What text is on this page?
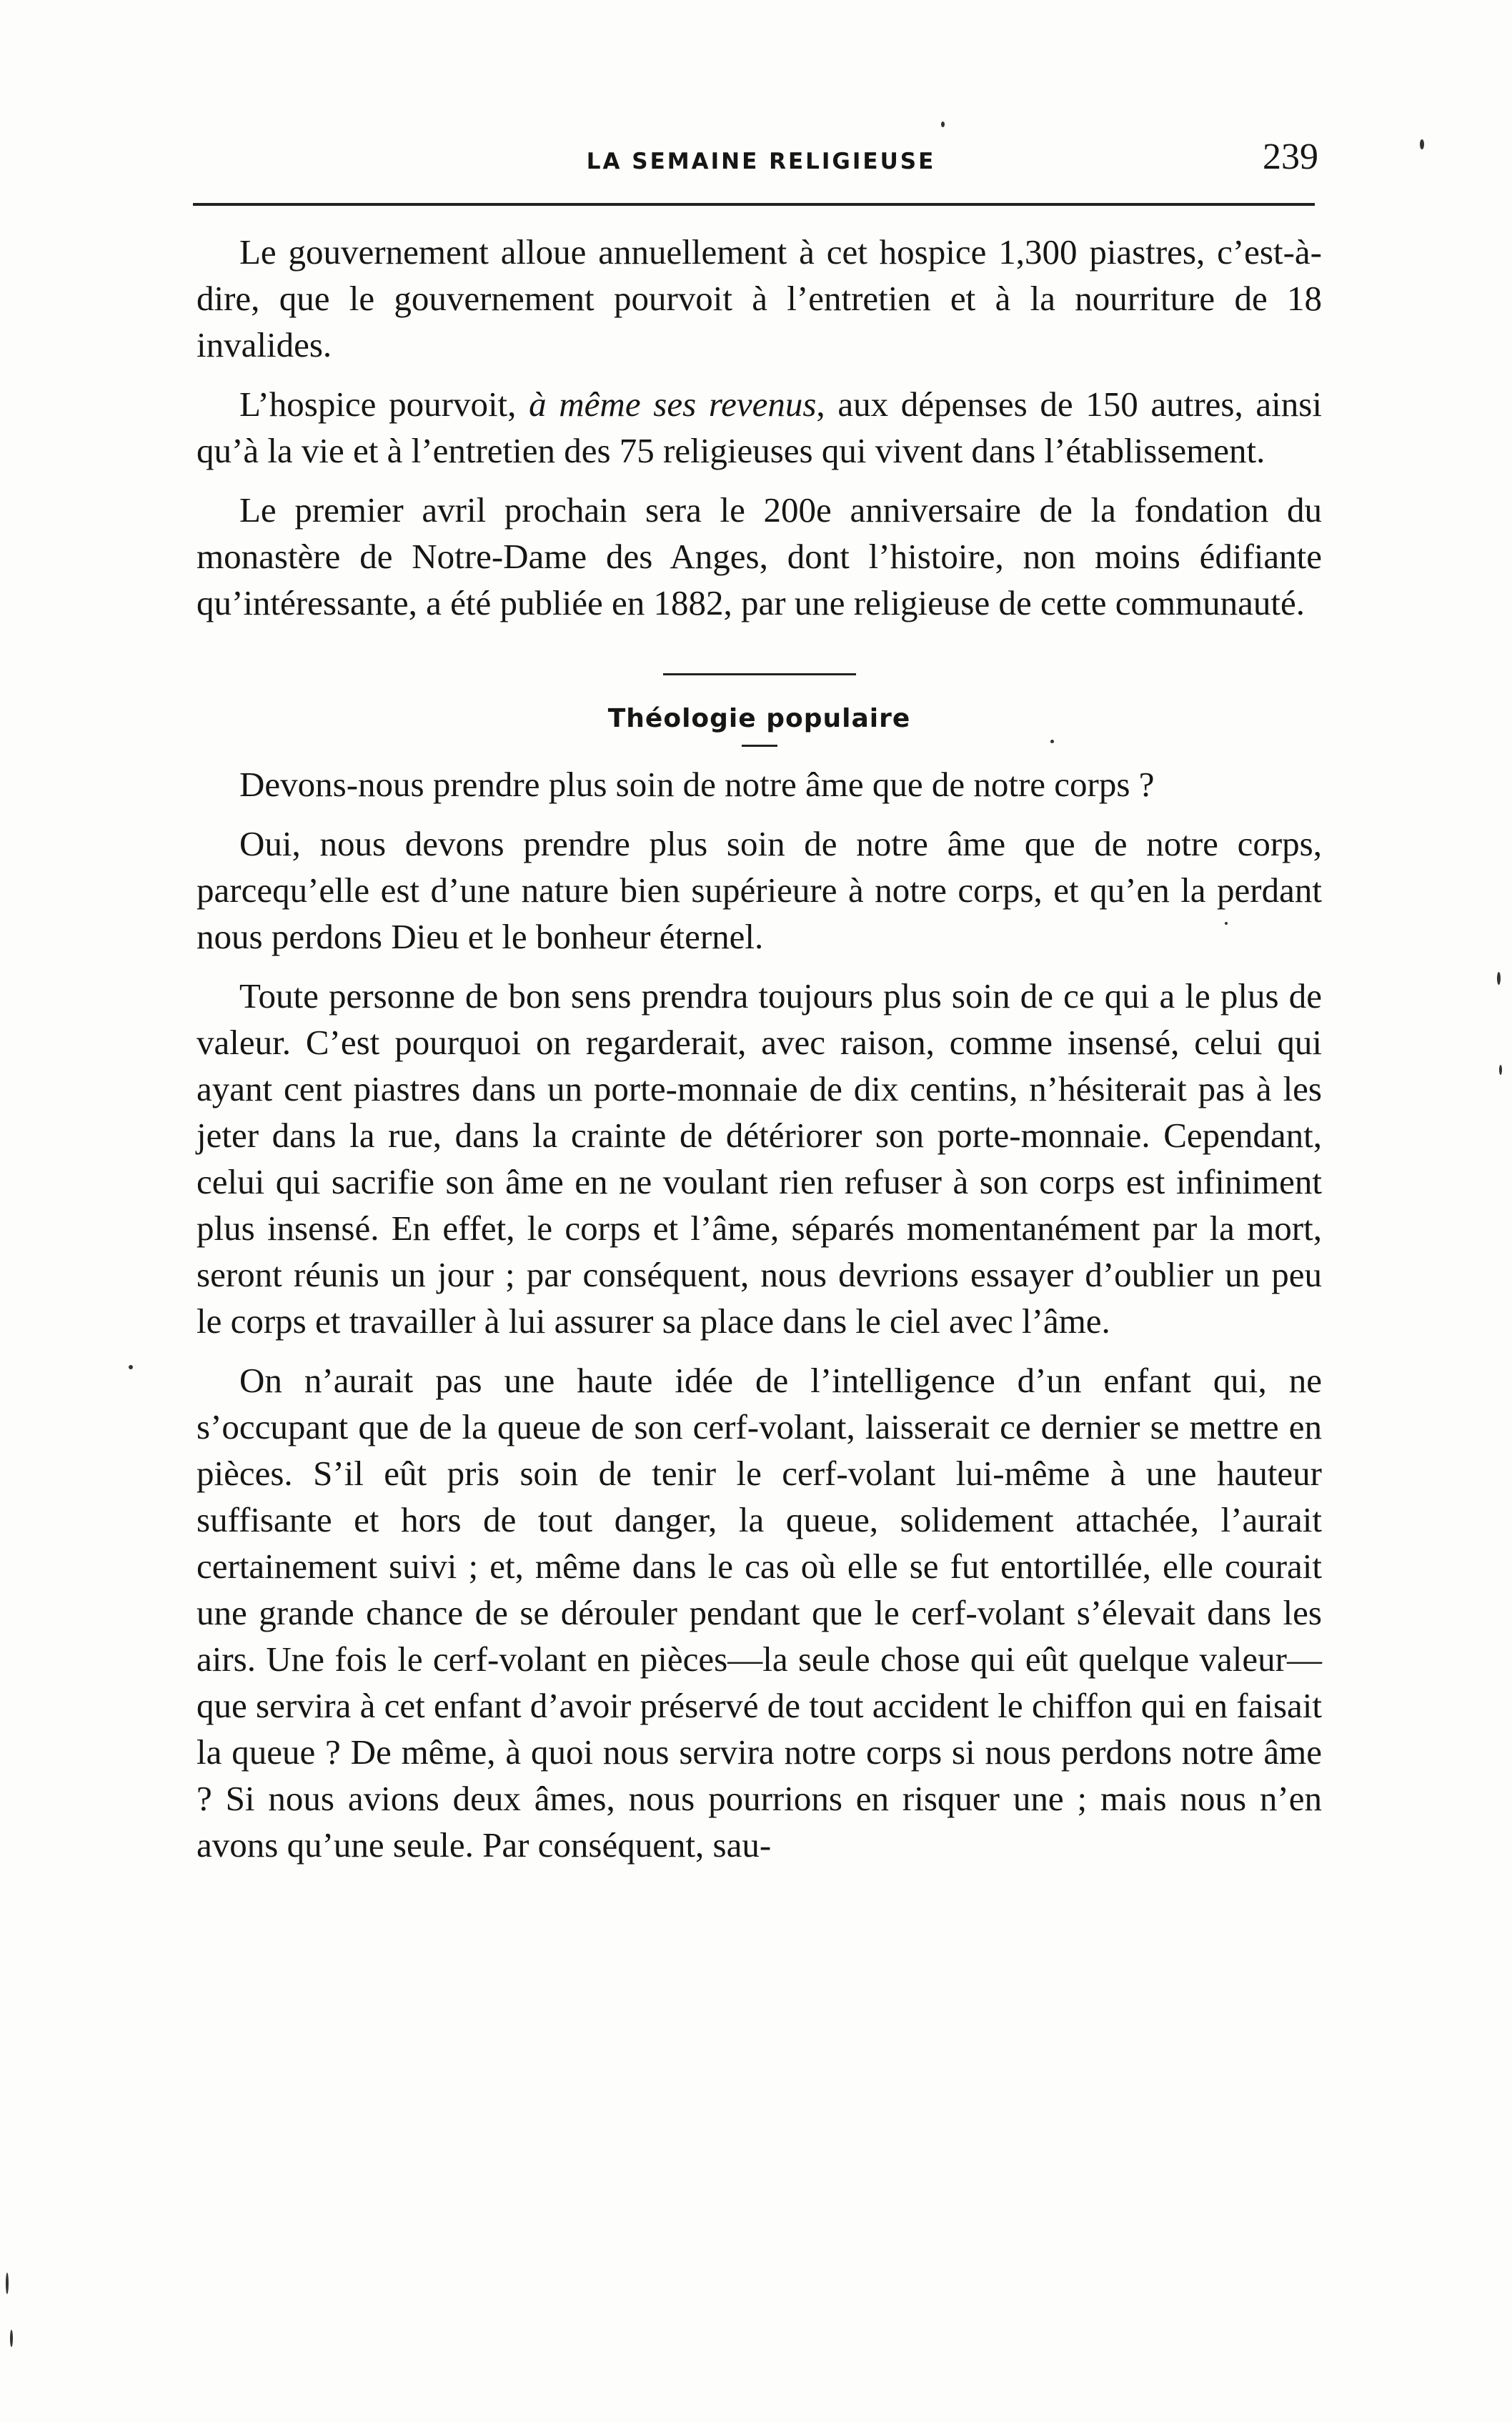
LA SEMAINE RELIGIEUSE	239

Le gouvernement alloue annuellement à cet hospice 1,300 piastres, c’est-à-dire, que le gouvernement pourvoit à l’entretien et à la nourriture de 18 invalides.

L’hospice pourvoit, à même ses revenus, aux dépenses de 150 autres, ainsi qu’à la vie et à l’entretien des 75 religieuses qui vivent dans l’établissement.

Le premier avril prochain sera le 200e anniversaire de la fondation du monastère de Notre-Dame des Anges, dont l’histoire, non moins édifiante qu’intéressante, a été publiée en 1882, par une religieuse de cette communauté.

Théologie populaire

Devons-nous prendre plus soin de notre âme que de notre corps ?

Oui, nous devons prendre plus soin de notre âme que de notre corps, parcequ’elle est d’une nature bien supérieure à notre corps, et qu’en la perdant nous perdons Dieu et le bonheur éternel.

Toute personne de bon sens prendra toujours plus soin de ce qui a le plus de valeur. C’est pourquoi on regarderait, avec raison, comme insensé, celui qui ayant cent piastres dans un porte-monnaie de dix centins, n’hésiterait pas à les jeter dans la rue, dans la crainte de détériorer son porte-monnaie. Cependant, celui qui sacrifie son âme en ne voulant rien refuser à son corps est infiniment plus insensé. En effet, le corps et l’âme, séparés momentanément par la mort, seront réunis un jour ; par conséquent, nous devrions essayer d’oublier un peu le corps et travailler à lui assurer sa place dans le ciel avec l’âme.

On n’aurait pas une haute idée de l’intelligence d’un enfant qui, ne s’occupant que de la queue de son cerf-volant, laisserait ce dernier se mettre en pièces. S’il eût pris soin de tenir le cerf-volant lui-même à une hauteur suffisante et hors de tout danger, la queue, solidement attachée, l’aurait certainement suivi ; et, même dans le cas où elle se fut entortillée, elle courait une grande chance de se dérouler pendant que le cerf-volant s’élevait dans les airs. Une fois le cerf-volant en pièces—la seule chose qui eût quelque valeur—que servira à cet enfant d’avoir préservé de tout accident le chiffon qui en faisait la queue ? De même, à quoi nous servira notre corps si nous perdons notre âme ? Si nous avions deux âmes, nous pourrions en risquer une ; mais nous n’en avons qu’une seule. Par conséquent, sau-
